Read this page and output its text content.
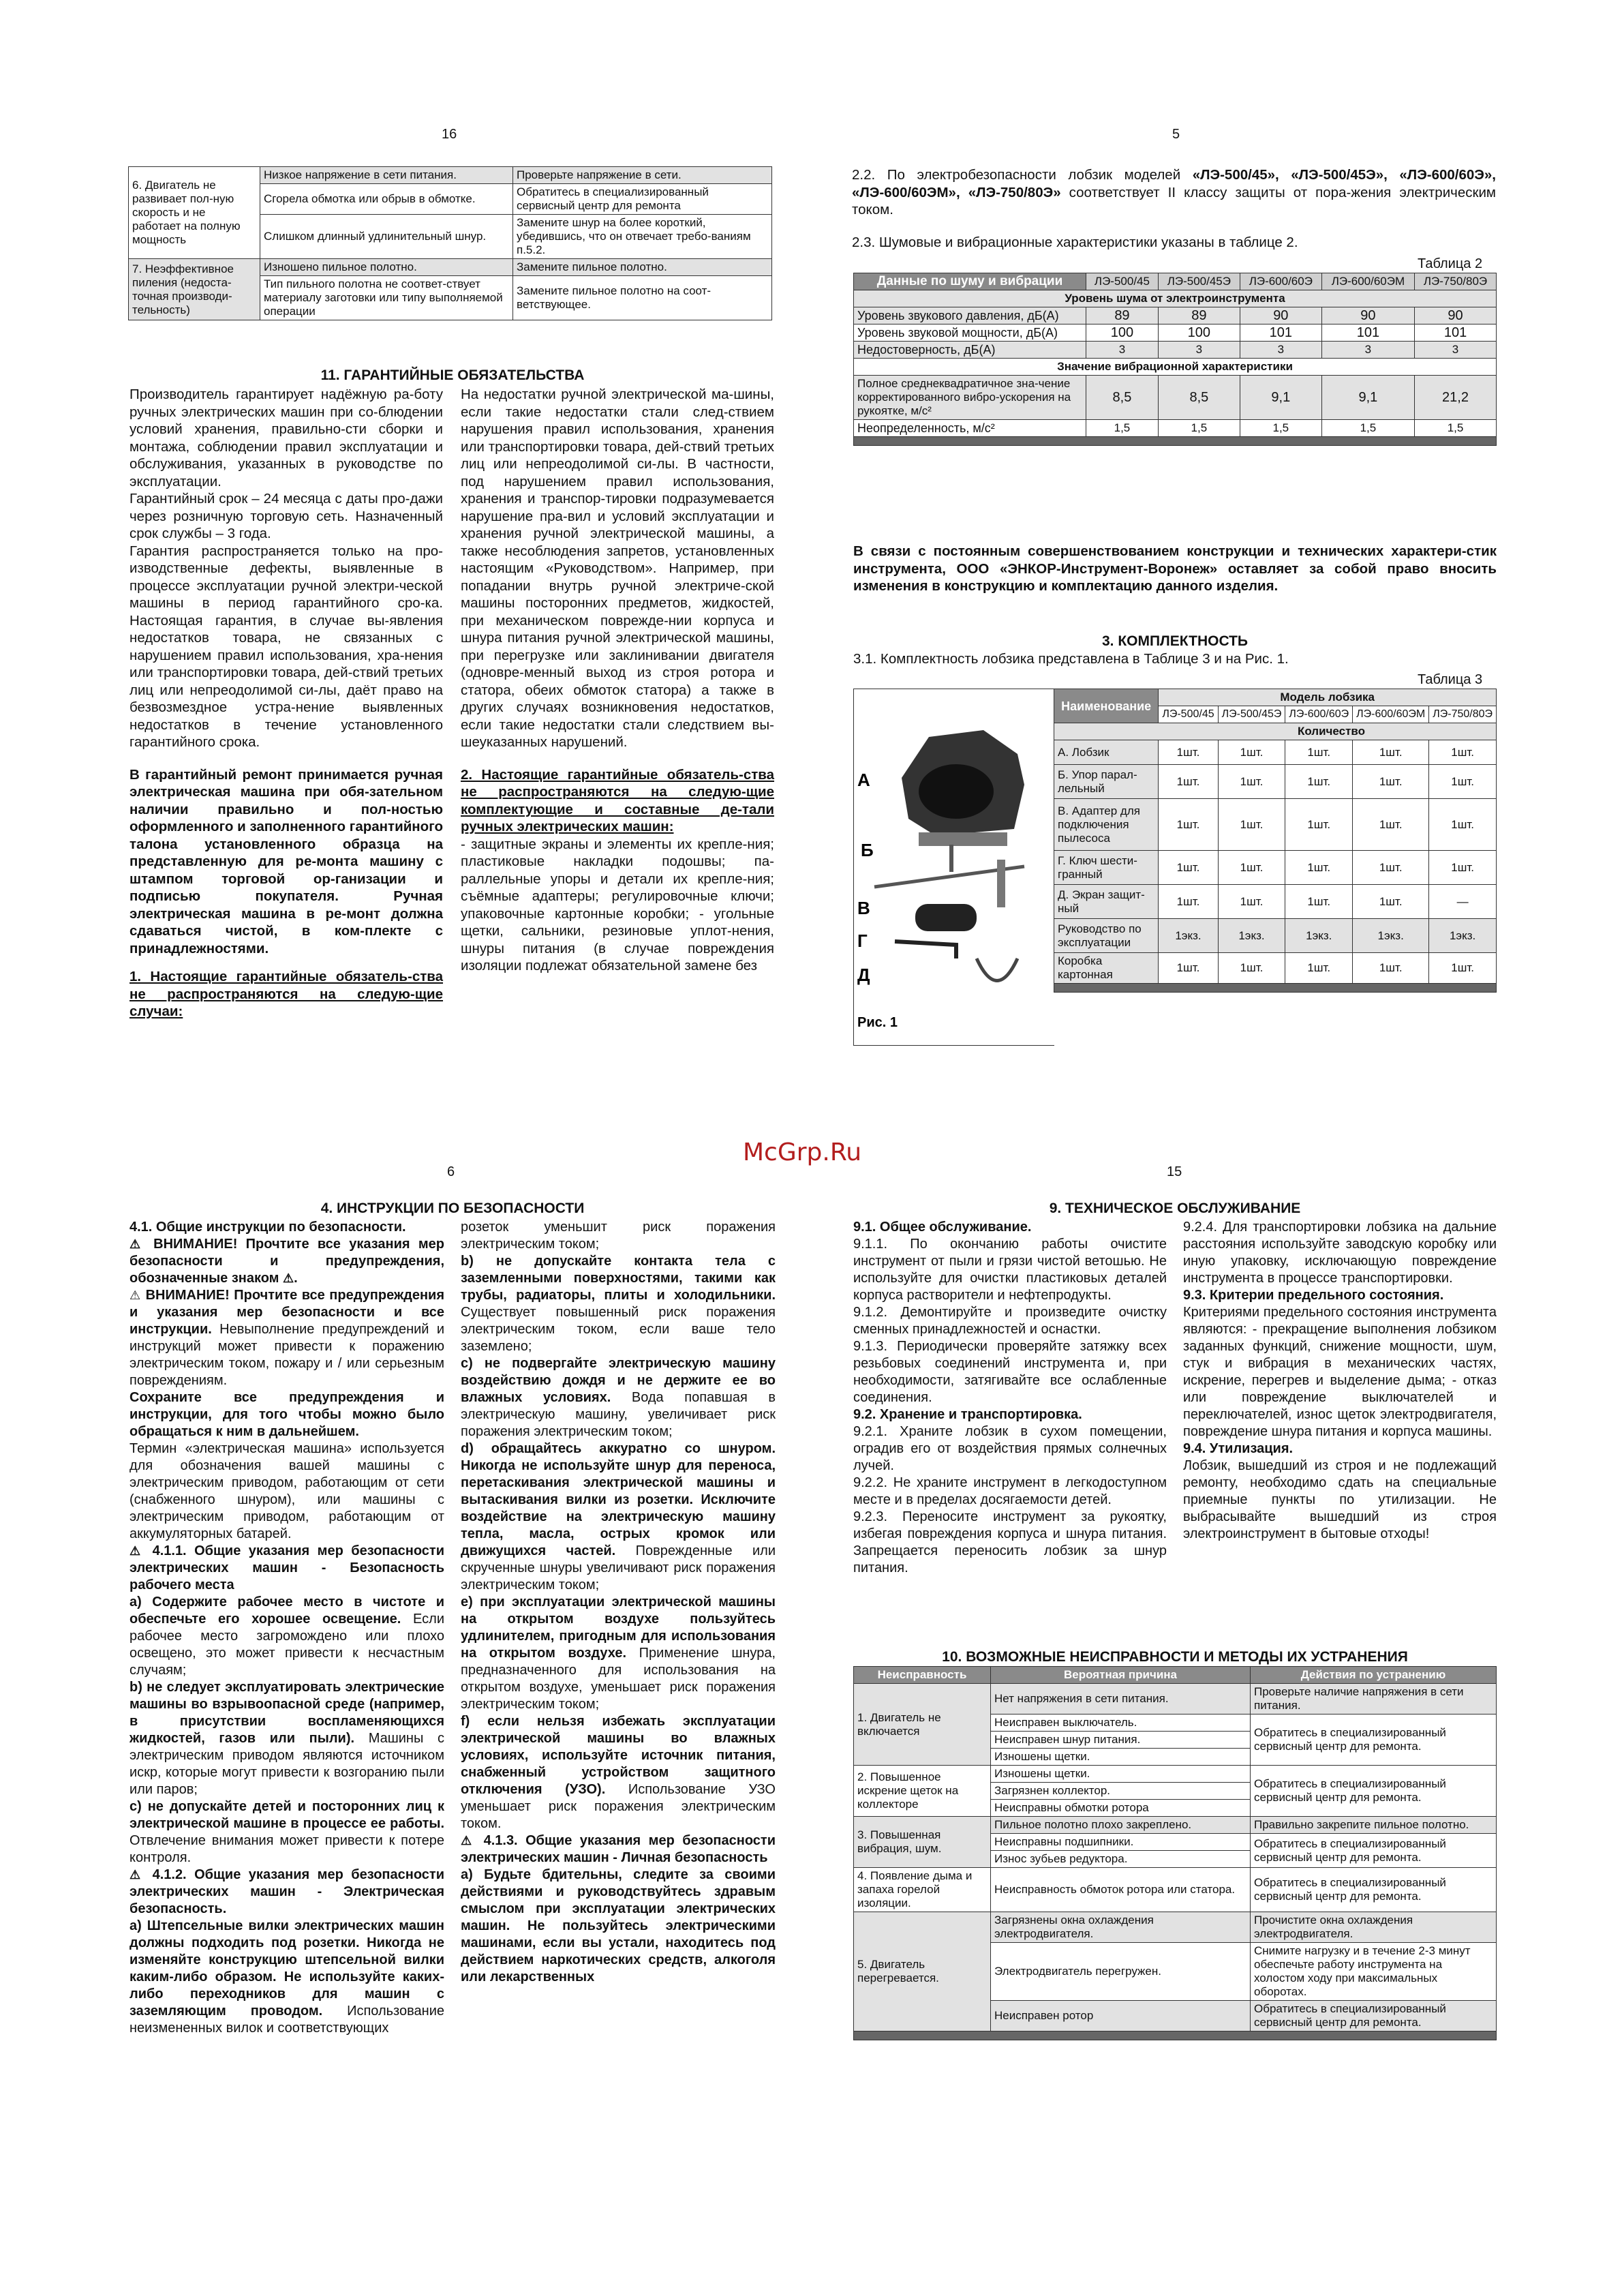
16	5
6	15
McGrp.Ru
6. Двигатель не развивает пол-ную скорость и не работает на полную мощность	Низкое напряжение в сети питания.	Проверьте напряжение в сети.
	Сгорела обмотка или обрыв в обмотке.	Обратитесь в специализированный сервисный центр для ремонта
	Слишком длинный удлинительный шнур.	Замените шнур на более короткий, убедившись, что он отвечает требо-ваниям п.5.2.
7. Неэффективное пиления (недоста-точная производи-тельность)	Изношено пильное полотно.	Замените пильное полотно.
	Тип пильного полотна не соответ-ствует материалу заготовки или типу выполняемой операции	Замените пильное полотно на соот-ветствующее.

11. ГАРАНТИЙНЫЕ ОБЯЗАТЕЛЬСТВА

Производитель гарантирует надёжную ра-боту ручных электрических машин при со-блюдении условий хранения, правильно-сти сборки и монтажа, соблюдении правил эксплуатации и обслуживания, указанных в руководстве по эксплуатации.

Гарантийный срок – 24 месяца с даты про-дажи через розничную торговую сеть. Назначенный срок службы – 3 года.

Гарантия распространяется только на про-изводственные дефекты, выявленные в процессе эксплуатации ручной электри-ческой машины в период гарантийного сро-ка. Настоящая гарантия, в случае вы-явления недостатков товара, не связанных с нарушением правил использования, хра-нения или транспортировки товара, дей-ствий третьих лиц или непреодолимой си-лы, даёт право на безвозмездное устра-нение выявленных недостатков в течение установленного гарантийного срока.

В гарантийный ремонт принимается ручная электрическая машина при обя-зательном наличии правильно и пол-ностью оформленного и заполненного гарантийного талона установленного образца на представленную для ре-монта машину с штампом торговой ор-ганизации и подписью покупателя. Ручная электрическая машина в ре-монт должна сдаваться чистой, в ком-плекте с принадлежностями.

1. Настоящие гарантийные обязатель-ства не распространяются на следую-щие случаи:

На недостатки ручной электрической ма-шины, если такие недостатки стали след-ствием нарушения правил использования, хранения или транспортировки товара, дей-ствий третьих лиц или непреодолимой си-лы. В частности, под нарушением правил использования, хранения и транспор-тировки подразумевается нарушение пра-вил и условий эксплуатации и хранения ручной электрической машины, а также несоблюдения запретов, установленных настоящим «Руководством». Например, при попадании внутрь ручной электриче-ской машины посторонних предметов, жидкостей, при механическом поврежде-нии корпуса и шнура питания ручной электрической машины, при перегрузке или заклинивании двигателя (одновре-менный выход из строя ротора и статора, обеих обмоток статора) а также в других случаях возникновения недостатков, если такие недостатки стали следствием вы-шеуказанных нарушений.

2. Настоящие гарантийные обязатель-ства не распространяются на следую-щие комплектующие и составные де-тали ручных электрических машин:

- защитные экраны и элементы их крепле-ния; пластиковые накладки подошвы; па-раллельные упоры и детали их крепле-ния; съёмные адаптеры; регулировочные ключи; упаковочные картонные коробки; - угольные щетки, сальники, резиновые уплот-нения, шнуры питания (в случае повреждения изоляции подлежат обязательной замене без

2.2. По электробезопасности лобзик моделей «ЛЭ-500/45», «ЛЭ-500/45Э», «ЛЭ-600/60Э», «ЛЭ-600/60ЭМ», «ЛЭ-750/80Э» соответствует II классу защиты от пора-жения электрическим током.

2.3. Шумовые и вибрационные характеристики указаны в таблице 2.

Таблица 2
Данные по шуму и вибрации	ЛЭ-500/45	ЛЭ-500/45Э	ЛЭ-600/60Э	ЛЭ-600/60ЭМ	ЛЭ-750/80Э
Уровень шума от электроинструмента					
Уровень звукового давления, дБ(А)	89	89	90	90	90
Уровень звуковой мощности, дБ(А)	100	100	101	101	101
Недостоверность, дБ(А)	3	3	3	3	3
Значение вибрационной характеристики					
Полное среднеквадратичное зна-чение корректированного вибро-ускорения на рукоятке, м/с²	8,5	8,5	9,1	9,1	21,2
Неопределенность, м/с²	1,5	1,5	1,5	1,5	1,5

В связи с постоянным совершенствованием конструкции и технических характери-стик инструмента, ООО «ЭНКОР-Инструмент-Воронеж» оставляет за собой право вносить изменения в конструкцию и комплектацию данного изделия.

3. КОМПЛЕКТНОСТЬ

3.1. Комплектность лобзика представлена в Таблице 3 и на Рис. 1.

Таблица 3
А
Б
В
Г
Д
Рис. 1
Наименование	Модель лобзика				
	ЛЭ-500/45	ЛЭ-500/45Э	ЛЭ-600/60Э	ЛЭ-600/60ЭМ	ЛЭ-750/80Э
Количество					
А. Лобзик	1шт.	1шт.	1шт.	1шт.	1шт.
Б. Упор парал-лельный	1шт.	1шт.	1шт.	1шт.	1шт.
В. Адаптер для подключения пылесоса	1шт.	1шт.	1шт.	1шт.	1шт.
Г. Ключ шести-гранный	1шт.	1шт.	1шт.	1шт.	1шт.
Д. Экран защит-ный	1шт.	1шт.	1шт.	1шт.	—
Руководство по эксплуатации	1экз.	1экз.	1экз.	1экз.	1экз.
Коробка картонная	1шт.	1шт.	1шт.	1шт.	1шт.

4. ИНСТРУКЦИИ ПО БЕЗОПАСНОСТИ

4.1. Общие инструкции по безопасности.

⚠ ВНИМАНИЕ! Прочтите все указания мер безопасности и предупреждения, обозначенные знаком ⚠.

⚠ ВНИМАНИЕ! Прочтите все предупреждения и указания мер безопасности и все инструкции. Невыполнение предупреждений и инструкций может привести к поражению электрическим током, пожару и / или серьезным повреждениям.

Сохраните все предупреждения и инструкции, для того чтобы можно было обращаться к ним в дальнейшем.

Термин «электрическая машина» используется для обозначения вашей машины с электрическим приводом, работающим от сети (снабженного шнуром), или машины с электрическим приводом, работающим от аккумуляторных батарей.

⚠ 4.1.1. Общие указания мер безопасности электрических машин - Безопасность рабочего места

а) Содержите рабочее место в чистоте и обеспечьте его хорошее освещение. Если рабочее место загромождено или плохо освещено, это может привести к несчастным случаям;

b) не следует эксплуатировать электрические машины во взрывоопасной среде (например, в присутствии воспламеняющихся жидкостей, газов или пыли). Машины с электрическим приводом являются источником искр, которые могут привести к возгоранию пыли или паров;

с) не допускайте детей и посторонних лиц к электрической машине в процессе ее работы. Отвлечение внимания может привести к потере контроля.

⚠ 4.1.2. Общие указания мер безопасности электрических машин - Электрическая безопасность.

а) Штепсельные вилки электрических машин должны подходить под розетки. Никогда не изменяйте конструкцию штепсельной вилки каким-либо образом. Не используйте каких-либо переходников для машин с заземляющим проводом. Использование неизмененных вилок и соответствующих

розеток уменьшит риск поражения электрическим током;

b) не допускайте контакта тела с заземленными поверхностями, такими как трубы, радиаторы, плиты и холодильники. Существует повышенный риск поражения электрическим током, если ваше тело заземлено;

с) не подвергайте электрическую машину воздействию дождя и не держите ее во влажных условиях. Вода попавшая в электрическую машину, увеличивает риск поражения электрическим током;

d) обращайтесь аккуратно со шнуром. Никогда не используйте шнур для переноса, перетаскивания электрической машины и вытаскивания вилки из розетки. Исключите воздействие на электрическую машину тепла, масла, острых кромок или движущихся частей. Поврежденные или скрученные шнуры увеличивают риск поражения электрическим током;

е) при эксплуатации электрической машины на открытом воздухе пользуйтесь удлинителем, пригодным для использования на открытом воздухе. Применение шнура, предназначенного для использования на открытом воздухе, уменьшает риск поражения электрическим током;

f) если нельзя избежать эксплуатации электрической машины во влажных условиях, используйте источник питания, снабженный устройством защитного отключения (УЗО). Использование УЗО уменьшает риск поражения электрическим током.

⚠ 4.1.3. Общие указания мер безопасности электрических машин - Личная безопасность

а) Будьте бдительны, следите за своими действиями и руководствуйтесь здравым смыслом при эксплуатации электрических машин. Не пользуйтесь электрическими машинами, если вы устали, находитесь под действием наркотических средств, алкоголя или лекарственных

9. ТЕХНИЧЕСКОЕ ОБСЛУЖИВАНИЕ

9.1. Общее обслуживание.

9.1.1. По окончанию работы очистите инструмент от пыли и грязи чистой ветошью. Не используйте для очистки пластиковых деталей корпуса растворители и нефтепродукты.

9.1.2. Демонтируйте и произведите очистку сменных принадлежностей и оснастки.

9.1.3. Периодически проверяйте затяжку всех резьбовых соединений инструмента и, при необходимости, затягивайте все ослабленные соединения.

9.2. Хранение и транспортировка.

9.2.1. Храните лобзик в сухом помещении, оградив его от воздействия прямых солнечных лучей.

9.2.2. Не храните инструмент в легкодоступном месте и в пределах досягаемости детей.

9.2.3. Переносите инструмент за рукоятку, избегая повреждения корпуса и шнура питания. Запрещается переносить лобзик за шнур питания.

9.2.4. Для транспортировки лобзика на дальние расстояния используйте заводскую коробку или иную упаковку, исключающую повреждение инструмента в процессе транспортировки.

9.3. Критерии предельного состояния.

Критериями предельного состояния инструмента являются: - прекращение выполнения лобзиком заданных функций, снижение мощности, шум, стук и вибрация в механических частях, искрение, перегрев и выделение дыма; - отказ или повреждение выключателей и переключателей, износ щеток электродвигателя, повреждение шнура питания и корпуса машины.

9.4. Утилизация.

Лобзик, вышедший из строя и не подлежащий ремонту, необходимо сдать на специальные приемные пункты по утилизации. Не выбрасывайте вышедший из строя электроинструмент в бытовые отходы!

10. ВОЗМОЖНЫЕ НЕИСПРАВНОСТИ И МЕТОДЫ ИХ УСТРАНЕНИЯ

Неисправность	Вероятная причина	Действия по устранению
1. Двигатель не включается	Нет напряжения в сети питания.	Проверьте наличие напряжения в сети питания.
	Неисправен выключатель.	Обратитесь в специализированный сервисный центр для ремонта.
	Неисправен шнур питания.	
	Изношены щетки.	
2. Повышенное искрение щеток на коллекторе	Изношены щетки.	Обратитесь в специализированный сервисный центр для ремонта.
	Загрязнен коллектор.	
	Неисправны обмотки ротора	
3. Повышенная вибрация, шум.	Пильное полотно плохо закреплено.	Правильно закрепите пильное полотно.
	Неисправны подшипники.	Обратитесь в специализированный сервисный центр для ремонта.
	Износ зубьев редуктора.	
4. Появление дыма и запаха горелой изоляции.	Неисправность обмоток ротора или статора.	Обратитесь в специализированный сервисный центр для ремонта.
5. Двигатель перегревается.	Загрязнены окна охлаждения электродвигателя.	Прочистите окна охлаждения электродвигателя.
	Электродвигатель перегружен.	Снимите нагрузку и в течение 2-3 минут обеспечьте работу инструмента на холостом ходу при максимальных оборотах.
	Неисправен ротор	Обратитесь в специализированный сервисный центр для ремонта.
